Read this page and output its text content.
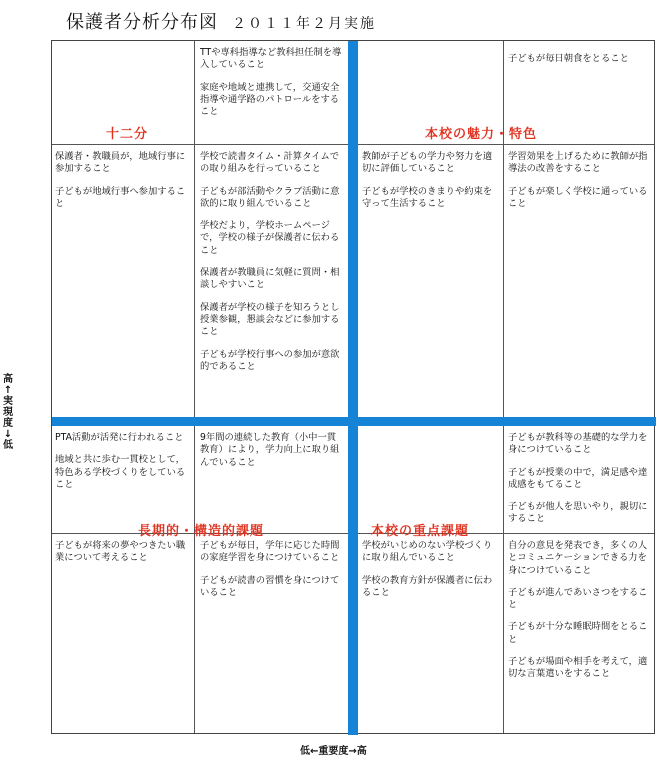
保護者分析分布図 ２０１１年２月実施
TTや専科指導など教科担任制を導入していること
家庭や地域と連携して，交通安全指導や通学路のパトロールをすること
子どもが毎日朝食をとること
保護者・教職員が，地域行事に参加すること
子どもが地域行事へ参加すること
学校で読書タイム・計算タイムでの取り組みを行っていること
子どもが部活動やクラブ活動に意欲的に取り組んでいること
学校だより，学校ホームページで，学校の様子が保護者に伝わること
保護者が教職員に気軽に質問・相談しやすいこと
保護者が学校の様子を知ろうとし授業参観，懇談会などに参加すること
子どもが学校行事への参加が意欲的であること
教師が子どもの学力や努力を適切に評価していること
子どもが学校のきまりや約束を守って生活すること
学習効果を上げるために教師が指導法の改善をすること
子どもが楽しく学校に通っていること
PTA活動が活発に行われること
地域と共に歩む一貫校として，特色ある学校づくりをしていること
9年間の連続した教育（小中一貫教育）により，学力向上に取り組んでいること
子どもが教科等の基礎的な学力を身につけていること
子どもが授業の中で，満足感や達成感をもてること
子どもが他人を思いやり，親切にすること
子どもが将来の夢やつきたい職業について考えること
子どもが毎日，学年に応じた時間の家庭学習を身につけていること
子どもが読書の習慣を身につけていること
学校がいじめのない学校づくりに取り組んでいること
学校の教育方針が保護者に伝わること
自分の意見を発表でき，多くの人とコミュニケーションできる力を身につけていること
子どもが進んであいさつをすること
子どもが十分な睡眠時間をとること
子どもが場面や相手を考えて，適切な言葉遣いをすること
十二分	本校の魅力・特色
長期的・構造的課題	本校の重点課題
高
↑
実
現
度
↓
低
低←重要度→高
